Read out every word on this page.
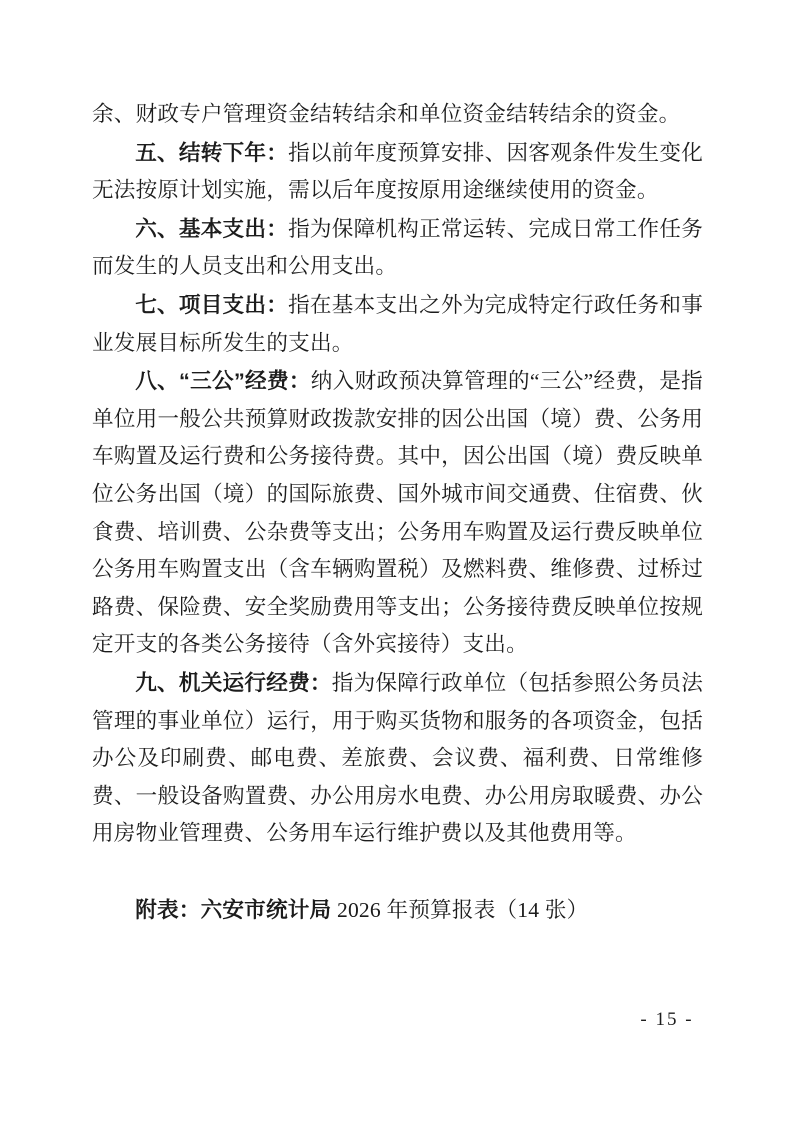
余、财政专户管理资金结转结余和单位资金结转结余的资金。

五、结转下年：指以前年度预算安排、因客观条件发生变化无法按原计划实施，需以后年度按原用途继续使用的资金。

六、基本支出：指为保障机构正常运转、完成日常工作任务而发生的人员支出和公用支出。

七、项目支出：指在基本支出之外为完成特定行政任务和事业发展目标所发生的支出。

八、“三公”经费：纳入财政预决算管理的“三公”经费，是指单位用一般公共预算财政拨款安排的因公出国（境）费、公务用车购置及运行费和公务接待费。其中，因公出国（境）费反映单位公务出国（境）的国际旅费、国外城市间交通费、住宿费、伙食费、培训费、公杂费等支出；公务用车购置及运行费反映单位公务用车购置支出（含车辆购置税）及燃料费、维修费、过桥过路费、保险费、安全奖励费用等支出；公务接待费反映单位按规定开支的各类公务接待（含外宾接待）支出。

九、机关运行经费：指为保障行政单位（包括参照公务员法管理的事业单位）运行，用于购买货物和服务的各项资金，包括办公及印刷费、邮电费、差旅费、会议费、福利费、日常维修费、一般设备购置费、办公用房水电费、办公用房取暖费、办公用房物业管理费、公务用车运行维护费以及其他费用等。

附表：六安市统计局 2026 年预算报表（14 张）

- 15 -
